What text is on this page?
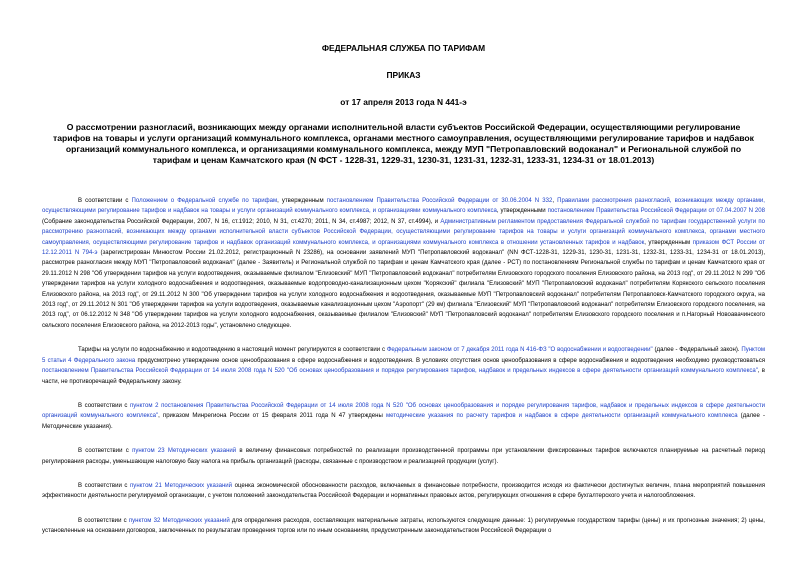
ФЕДЕРАЛЬНАЯ СЛУЖБА ПО ТАРИФАМ

ПРИКАЗ

от 17 апреля 2013 года N 441-э

О рассмотрении разногласий, возникающих между органами исполнительной власти субъектов Российской Федерации, осуществляющими регулирование тарифов на товары и услуги организаций коммунального комплекса, органами местного самоуправления, осуществляющими регулирование тарифов и надбавок организаций коммунального комплекса, и организациями коммунального комплекса, между МУП "Петропавловский водоканал" и Региональной службой по тарифам и ценам Камчатского края (N ФСТ - 1228-31, 1229-31, 1230-31, 1231-31, 1232-31, 1233-31, 1234-31 от 18.01.2013)

В соответствии с Положением о Федеральной службе по тарифам, утвержденным постановлением Правительства Российской Федерации от 30.06.2004 N 332, Правилами рассмотрения разногласий, возникающих между органами, осуществляющими регулирование тарифов и надбавок на товары и услуги организаций коммунального комплекса, и организациями коммунального комплекса, утвержденными постановлением Правительства Российской Федерации от 07.04.2007 N 208 (Собрание законодательства Российской Федерации, 2007, N 16, ст.1912; 2010, N 31, ст.4270; 2011, N 34, ст.4987; 2012, N 37, ст.4994), и Административным регламентом предоставления Федеральной службой по тарифам государственной услуги по рассмотрению разногласий, возникающих между органами исполнительной власти субъектов Российской Федерации, осуществляющими регулирование тарифов на товары и услуги организаций коммунального комплекса, органами местного самоуправления, осуществляющими регулирование тарифов и надбавок организаций коммунального комплекса, и организациями коммунального комплекса в отношении установленных тарифов и надбавок, утвержденным приказом ФСТ России от 12.12.2011 N 794-э (зарегистрирован Минюстом России 21.02.2012, регистрационный N 23286), на основании заявлений МУП "Петропавловский водоканал" (NN ФСТ-1228-31, 1229-31, 1230-31, 1231-31, 1232-31, 1233-31, 1234-31 от 18.01.2013), рассмотрев разногласия между МУП "Петропавловский водоканал" (далее - Заявитель) и Региональной службой по тарифам и ценам Камчатского края (далее - РСТ) по постановлениям Региональной службы по тарифам и ценам Камчатского края от 29.11.2012 N 298 "Об утверждении тарифов на услуги водоотведения, оказываемые филиалом "Елизовский" МУП "Петропавловский водоканал" потребителям Елизовского городского поселения Елизовского района, на 2013 год", от 29.11.2012 N 299 "Об утверждении тарифов на услуги холодного водоснабжения и водоотведения, оказываемые водопроводно-канализационным цехом "Корякский" филиала "Елизовский" МУП "Петропавловский водоканал" потребителям Корякского сельского поселения Елизовского района, на 2013 год", от 29.11.2012 N 300 "Об утверждении тарифов на услуги холодного водоснабжения и водоотведения, оказываемые МУП "Петропавловский водоканал" потребителям Петропавловск-Камчатского городского округа, на 2013 год", от 29.11.2012 N 301 "Об утверждении тарифов на услуги водоотведения, оказываемые канализационным цехом "Аэропорт" (29 км) филиала "Елизовский" МУП "Петропавловский водоканал" потребителям Елизовского городского поселения, на 2013 год", от 06.12.2012 N 348 "Об утверждении тарифов на услуги холодного водоснабжения, оказываемые филиалом "Елизовский" МУП "Петропавловский водоканал" потребителям Елизовского городского поселения и п.Нагорный Новоавачинского сельского поселения Елизовского района, на 2012-2013 годы", установлено следующее.

Тарифы на услуги по водоснабжению и водоотведению в настоящий момент регулируются в соответствии с Федеральным законом от 7 декабря 2011 года N 416-ФЗ "О водоснабжении и водоотведении" (далее - Федеральный закон). Пунктом 5 статьи 4 Федерального закона предусмотрено утверждение основ ценообразования в сфере водоснабжения и водоотведения. В условиях отсутствия основ ценообразования в сфере водоснабжения и водоотведения необходимо руководствоваться постановлением Правительства Российской Федерации от 14 июля 2008 года N 520 "Об основах ценообразования и порядке регулирования тарифов, надбавок и предельных индексов в сфере деятельности организаций коммунального комплекса", в части, не противоречащей Федеральному закону.

В соответствии с пунктом 2 постановления Правительства Российской Федерации от 14 июля 2008 года N 520 "Об основах ценообразования и порядке регулирования тарифов, надбавок и предельных индексов в сфере деятельности организаций коммунального комплекса", приказом Минрегиона России от 15 февраля 2011 года N 47 утверждены методические указания по расчету тарифов и надбавок в сфере деятельности организаций коммунального комплекса (далее - Методические указания).

В соответствии с пунктом 23 Методических указаний в величину финансовых потребностей по реализации производственной программы при установлении фиксированных тарифов включаются планируемые на расчетный период регулирования расходы, уменьшающие налоговую базу налога на прибыль организаций (расходы, связанные с производством и реализацией продукции (услуг).

В соответствии с пунктом 21 Методических указаний оценка экономической обоснованности расходов, включаемых в финансовые потребности, производится исходя из фактически достигнутых величин, плана мероприятий повышения эффективности деятельности регулируемой организации, с учетом положений законодательства Российской Федерации и нормативных правовых актов, регулирующих отношения в сфере бухгалтерского учета и налогообложения.

В соответствии с пунктом 32 Методических указаний для определения расходов, составляющих материальные затраты, используются следующие данные: 1) регулируемые государством тарифы (цены) и их прогнозные значения; 2) цены, установленные на основании договоров, заключенных по результатам проведения торгов или по иным основаниям, предусмотренным законодательством Российской Федерации о
